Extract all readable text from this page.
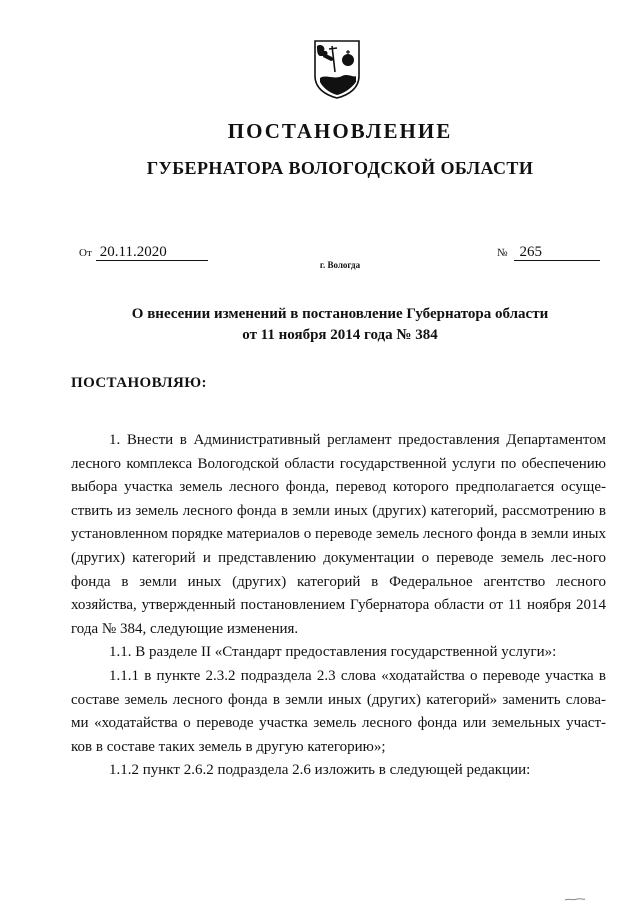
ПОСТАНОВЛЕНИЕ
ГУБЕРНАТОРА ВОЛОГОДСКОЙ ОБЛАСТИ
От 20.11.2020	№ 265
г. Вологда
О внесении изменений в постановление Губернатора области
от 11 ноября 2014 года № 384
ПОСТАНОВЛЯЮ:

1. Внести в Административный регламент предоставления Департаментом лесного комплекса Вологодской области государственной услуги по обеспечению выбора участка земель лесного фонда, перевод которого предполагается осуще-ствить из земель лесного фонда в земли иных (других) категорий, рассмотрению в установленном порядке материалов о переводе земель лесного фонда в земли иных (других) категорий и представлению документации о переводе земель лес-ного фонда в земли иных (других) категорий в Федеральное агентство лесного хозяйства, утвержденный постановлением Губернатора области от 11 ноября 2014 года № 384, следующие изменения.

1.1. В разделе II «Стандарт предоставления государственной услуги»:

1.1.1 в пункте 2.3.2 подраздела 2.3 слова «ходатайства о переводе участка в составе земель лесного фонда в земли иных (других) категорий» заменить слова-ми «ходатайства о переводе участка земель лесного фонда или земельных участ-ков в составе таких земель в другую категорию»;

1.1.2 пункт 2.6.2 подраздела 2.6 изложить в следующей редакции:
